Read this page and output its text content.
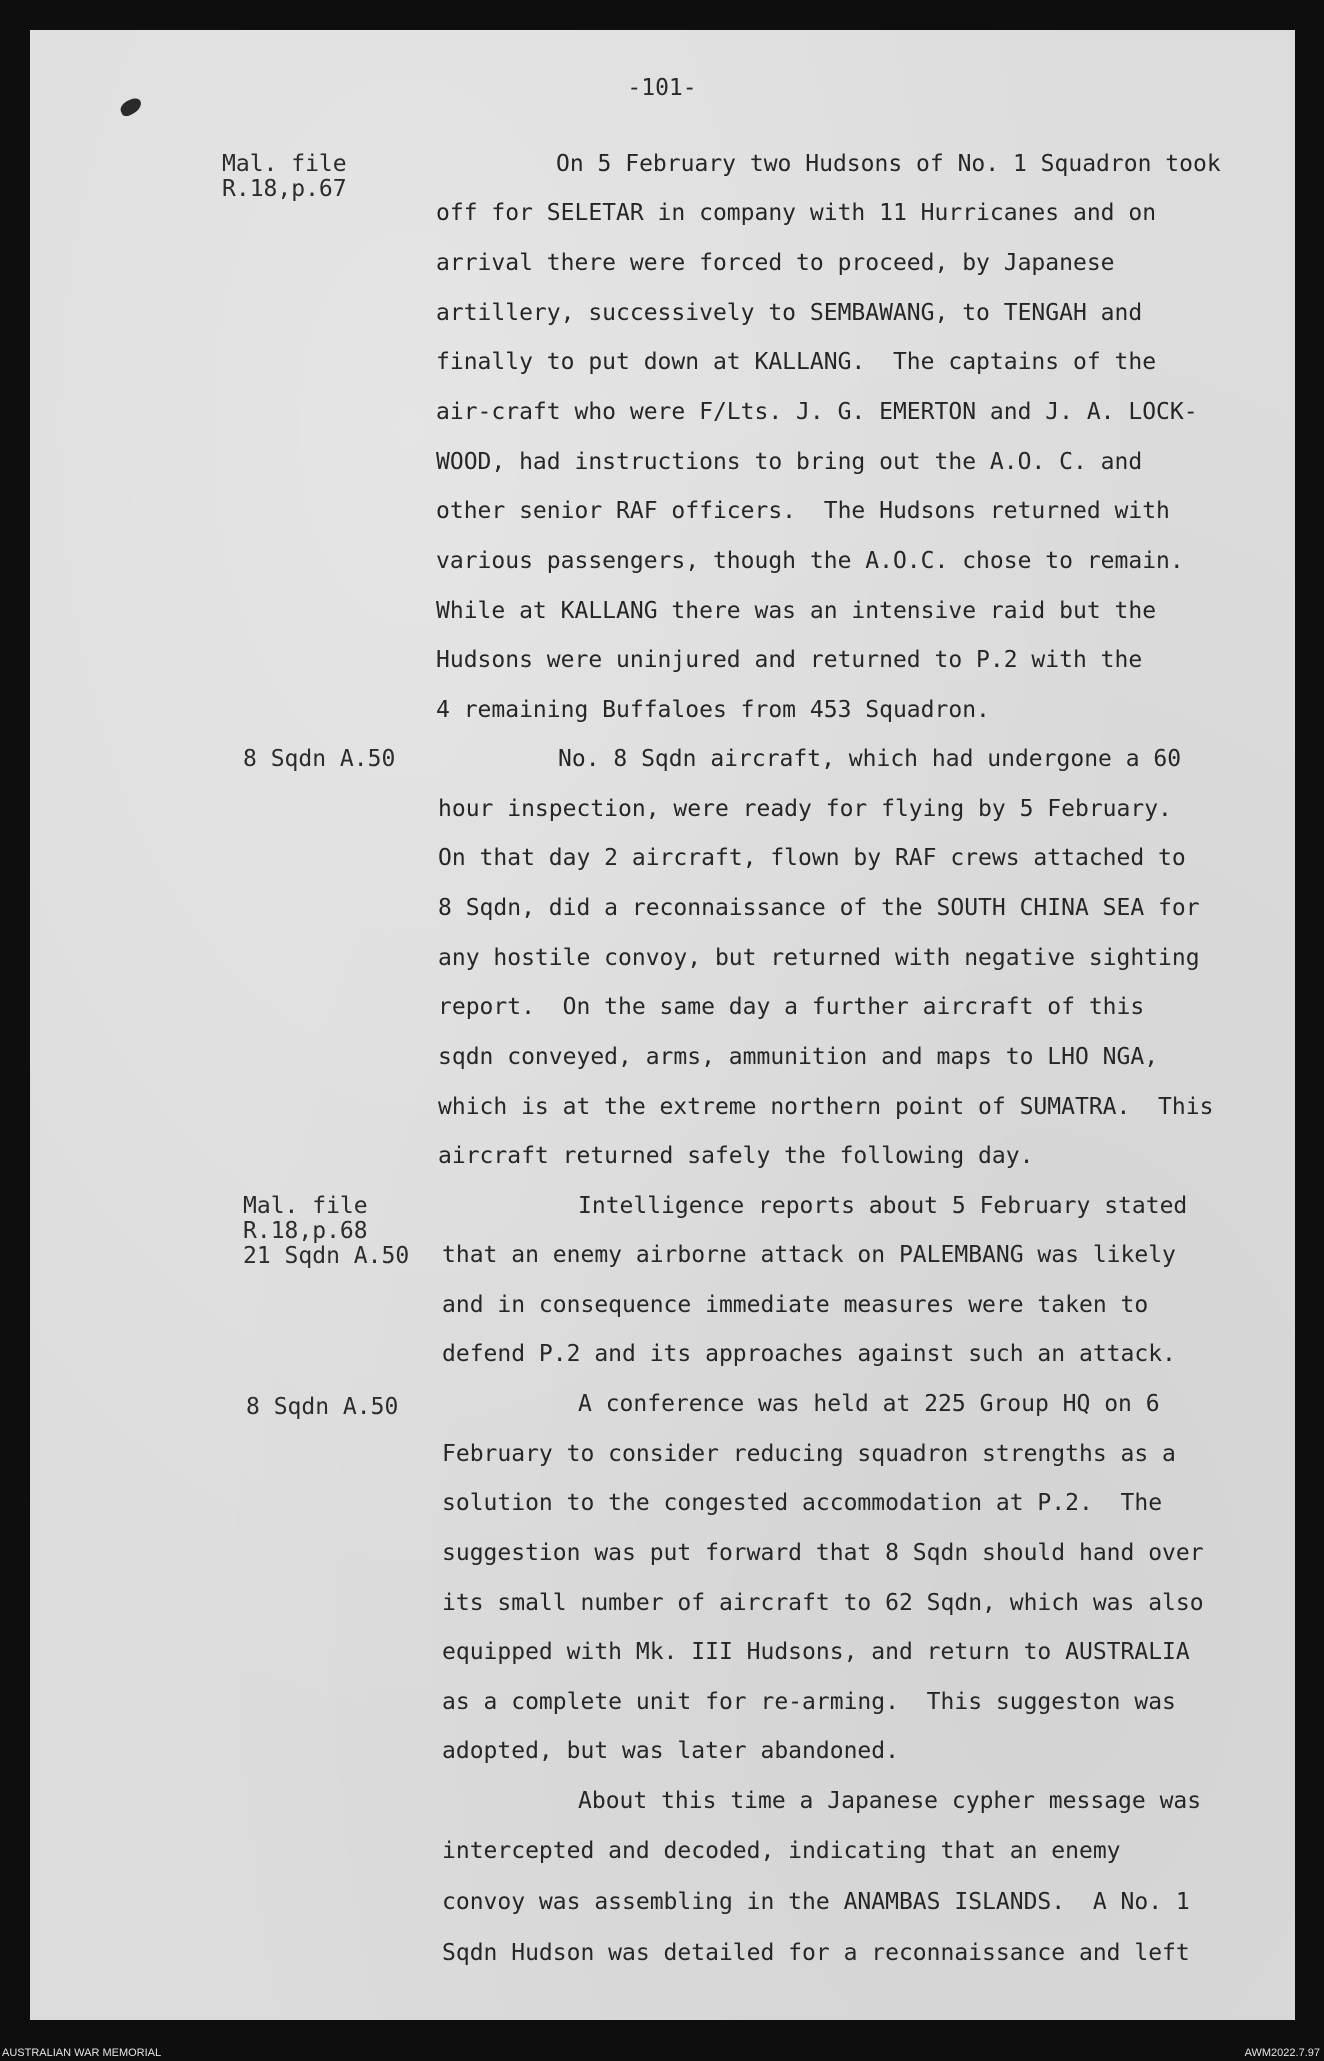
-101-
Mal. file
R.18,p.67
8 Sqdn A.50
Mal. file
R.18,p.68
21 Sqdn A.50
8 Sqdn A.50
On 5 February two Hudsons of No. 1 Squadron took
off for SELETAR in company with 11 Hurricanes and on
arrival there were forced to proceed, by Japanese
artillery, successively to SEMBAWANG, to TENGAH and
finally to put down at KALLANG.  The captains of the
air-craft who were F/Lts. J. G. EMERTON and J. A. LOCK-
WOOD, had instructions to bring out the A.O. C. and
other senior RAF officers.  The Hudsons returned with
various passengers, though the A.O.C. chose to remain.
While at KALLANG there was an intensive raid but the
Hudsons were uninjured and returned to P.2 with the
4 remaining Buffaloes from 453 Squadron.
No. 8 Sqdn aircraft, which had undergone a 60
hour inspection, were ready for flying by 5 February.
On that day 2 aircraft, flown by RAF crews attached to
8 Sqdn, did a reconnaissance of the SOUTH CHINA SEA for
any hostile convoy, but returned with negative sighting
report.  On the same day a further aircraft of this
sqdn conveyed, arms, ammunition and maps to LHO NGA,
which is at the extreme northern point of SUMATRA.  This
aircraft returned safely the following day.
Intelligence reports about 5 February stated
that an enemy airborne attack on PALEMBANG was likely
and in consequence immediate measures were taken to
defend P.2 and its approaches against such an attack.
A conference was held at 225 Group HQ on 6
February to consider reducing squadron strengths as a
solution to the congested accommodation at P.2.  The
suggestion was put forward that 8 Sqdn should hand over
its small number of aircraft to 62 Sqdn, which was also
equipped with Mk. III Hudsons, and return to AUSTRALIA
as a complete unit for re-arming.  This suggeston was
adopted, but was later abandoned.
About this time a Japanese cypher message was
intercepted and decoded, indicating that an enemy
convoy was assembling in the ANAMBAS ISLANDS.  A No. 1
Sqdn Hudson was detailed for a reconnaissance and left
AUSTRALIAN WAR MEMORIAL	AWM2022.7.97
